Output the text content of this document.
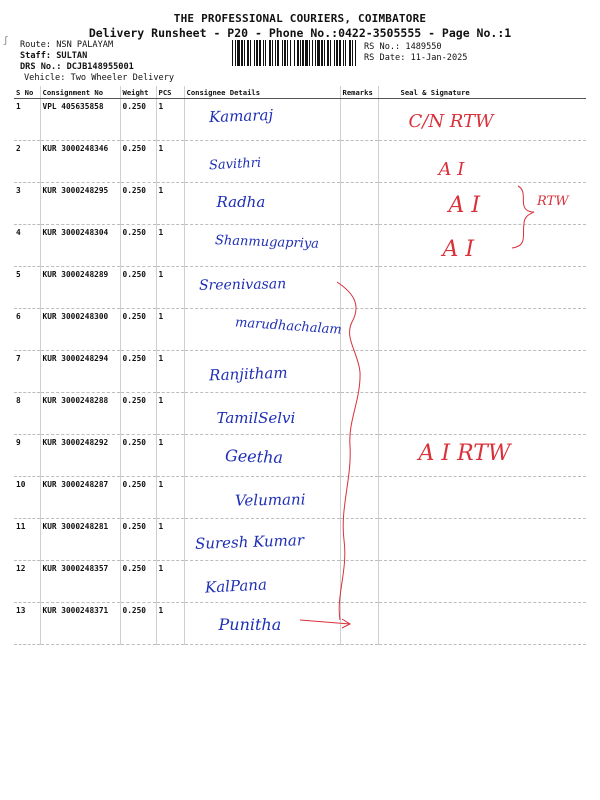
ʃ
THE PROFESSIONAL COURIERS, COIMBATORE
Delivery Runsheet - P20 - Phone No.:0422-3505555 - Page No.:1
Route: NSN PALAYAM
Staff: SULTAN
DRS No.: DCJB148955001
Vehicle: Two Wheeler Delivery
RS No.: 1489550
RS Date: 11-Jan-2025
S No	Consignment No	Weight	PCS	Consignee Details	Remarks	Seal & Signature
1	VPL 405635858	0.250	1	Kamaraj		C/N RTW

2	KUR 3000248346	0.250	1	Savithri		A I

3	KUR 3000248295	0.250	1	Radha		A I

4	KUR 3000248304	0.250	1	Shanmugapriya		A I

5	KUR 3000248289	0.250	1	Sreenivasan		

6	KUR 3000248300	0.250	1	marudhachalam		

7	KUR 3000248294	0.250	1	Ranjitham		

8	KUR 3000248288	0.250	1	TamilSelvi		

9	KUR 3000248292	0.250	1	Geetha		A I RTW

10	KUR 3000248287	0.250	1	Velumani		

11	KUR 3000248281	0.250	1	Suresh Kumar		

12	KUR 3000248357	0.250	1	KalPana		

13	KUR 3000248371	0.250	1	Punitha		

RTW
